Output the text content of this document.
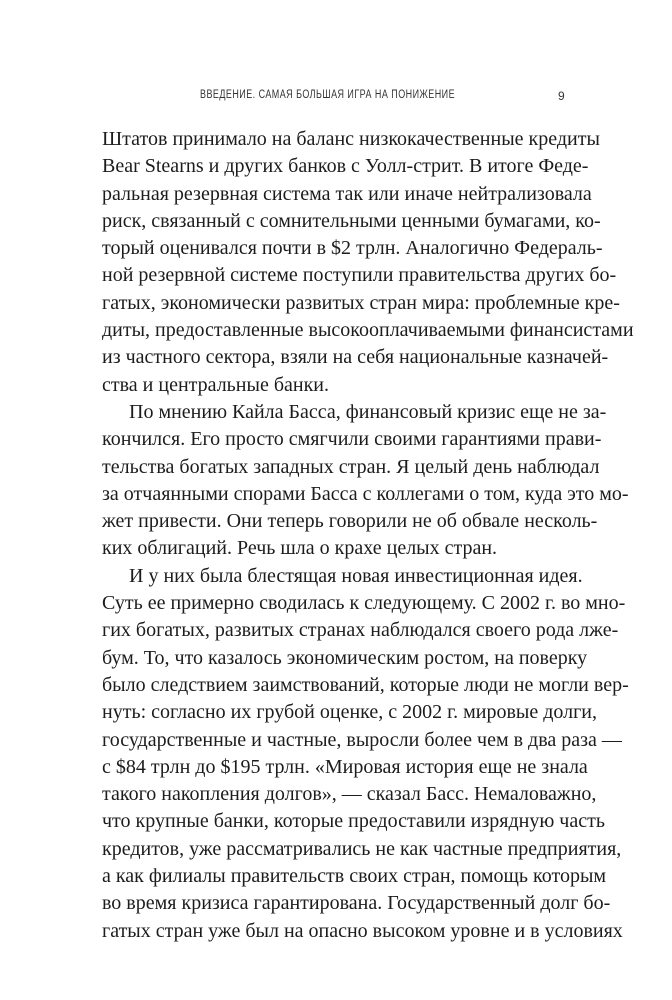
ВВЕДЕНИЕ. САМАЯ БОЛЬШАЯ ИГРА НА ПОНИЖЕНИЕ	9
Штатов принимало на баланс низкокачественные кредиты
Bear Stearns и других банков с Уолл-стрит. В итоге Феде-
ральная резервная система так или иначе нейтрализовала
риск, связанный с сомнительными ценными бумагами, ко-
торый оценивался почти в $2 трлн. Аналогично Федераль-
ной резервной системе поступили правительства других бо-
гатых, экономически развитых стран мира: проблемные кре-
диты, предоставленные высокооплачиваемыми финансистами
из частного сектора, взяли на себя национальные казначей-
ства и центральные банки.
По мнению Кайла Басса, финансовый кризис еще не за-
кончился. Его просто смягчили своими гарантиями прави-
тельства богатых западных стран. Я целый день наблюдал
за отчаянными спорами Басса с коллегами о том, куда это мо-
жет привести. Они теперь говорили не об обвале несколь-
ких облигаций. Речь шла о крахе целых стран.
И у них была блестящая новая инвестиционная идея.
Суть ее примерно сводилась к следующему. С 2002 г. во мно-
гих богатых, развитых странах наблюдался своего рода лже-
бум. То, что казалось экономическим ростом, на поверку
было следствием заимствований, которые люди не могли вер-
нуть: согласно их грубой оценке, с 2002 г. мировые долги,
государственные и частные, выросли более чем в два раза —
с $84 трлн до $195 трлн. «Мировая история еще не знала
такого накопления долгов», — сказал Басс. Немаловажно,
что крупные банки, которые предоставили изрядную часть
кредитов, уже рассматривались не как частные предприятия,
а как филиалы правительств своих стран, помощь которым
во время кризиса гарантирована. Государственный долг бо-
гатых стран уже был на опасно высоком уровне и в условиях
